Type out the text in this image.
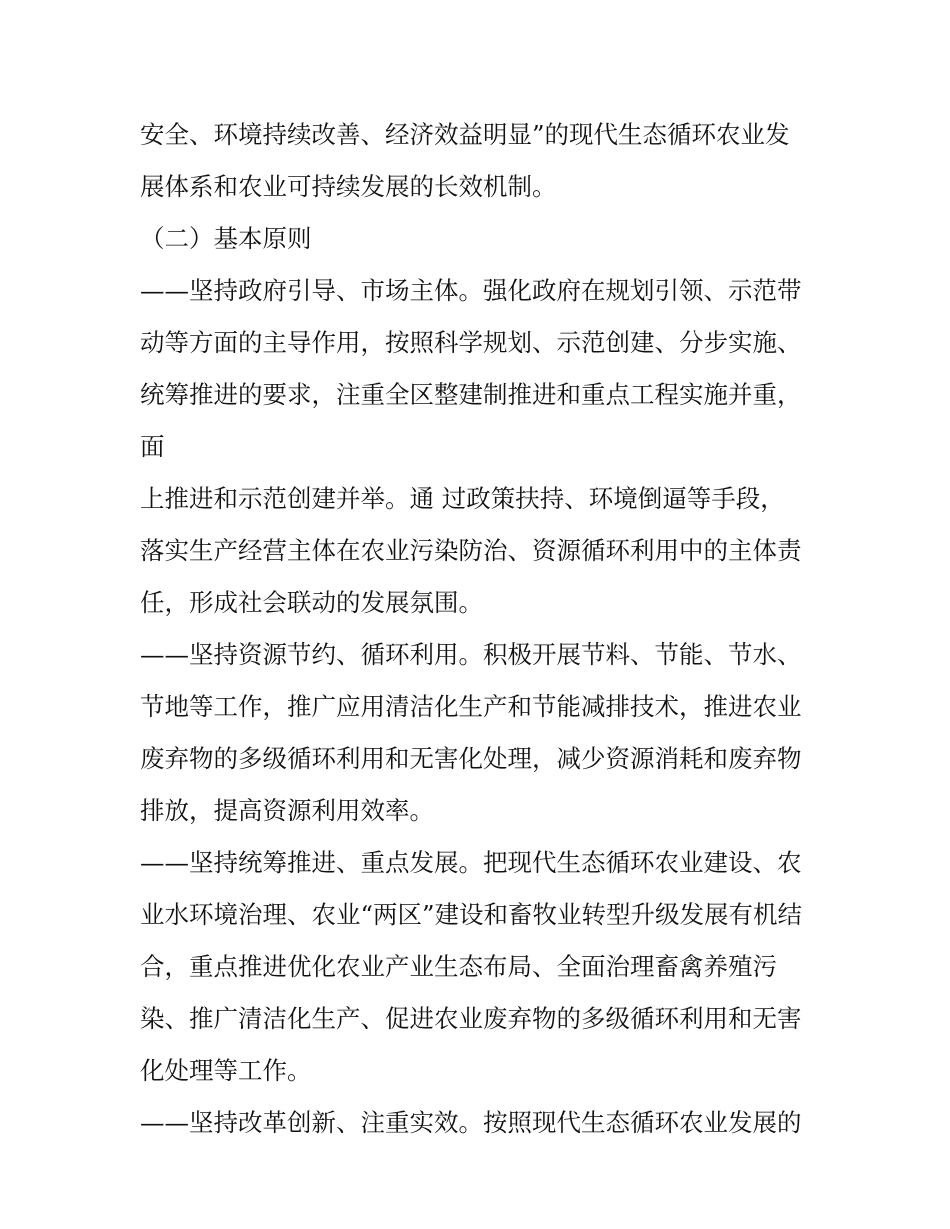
安全、环境持续改善、经济效益明显”的现代生态循环农业发
展体系和农业可持续发展的长效机制。
（二）基本原则
——坚持政府引导、市场主体。强化政府在规划引领、示范带
动等方面的主导作用，按照科学规划、示范创建、分步实施、
统筹推进的要求，注重全区整建制推进和重点工程实施并重，
面
上推进和示范创建并举。通 过政策扶持、环境倒逼等手段，
落实生产经营主体在农业污染防治、资源循环利用中的主体责
任，形成社会联动的发展氛围。
——坚持资源节约、循环利用。积极开展节料、节能、节水、
节地等工作，推广应用清洁化生产和节能减排技术，推进农业
废弃物的多级循环利用和无害化处理，减少资源消耗和废弃物
排放，提高资源利用效率。
——坚持统筹推进、重点发展。把现代生态循环农业建设、农
业水环境治理、农业“两区”建设和畜牧业转型升级发展有机结
合，重点推进优化农业产业生态布局、全面治理畜禽养殖污
染、推广清洁化生产、促进农业废弃物的多级循环利用和无害
化处理等工作。
——坚持改革创新、注重实效。按照现代生态循环农业发展的
